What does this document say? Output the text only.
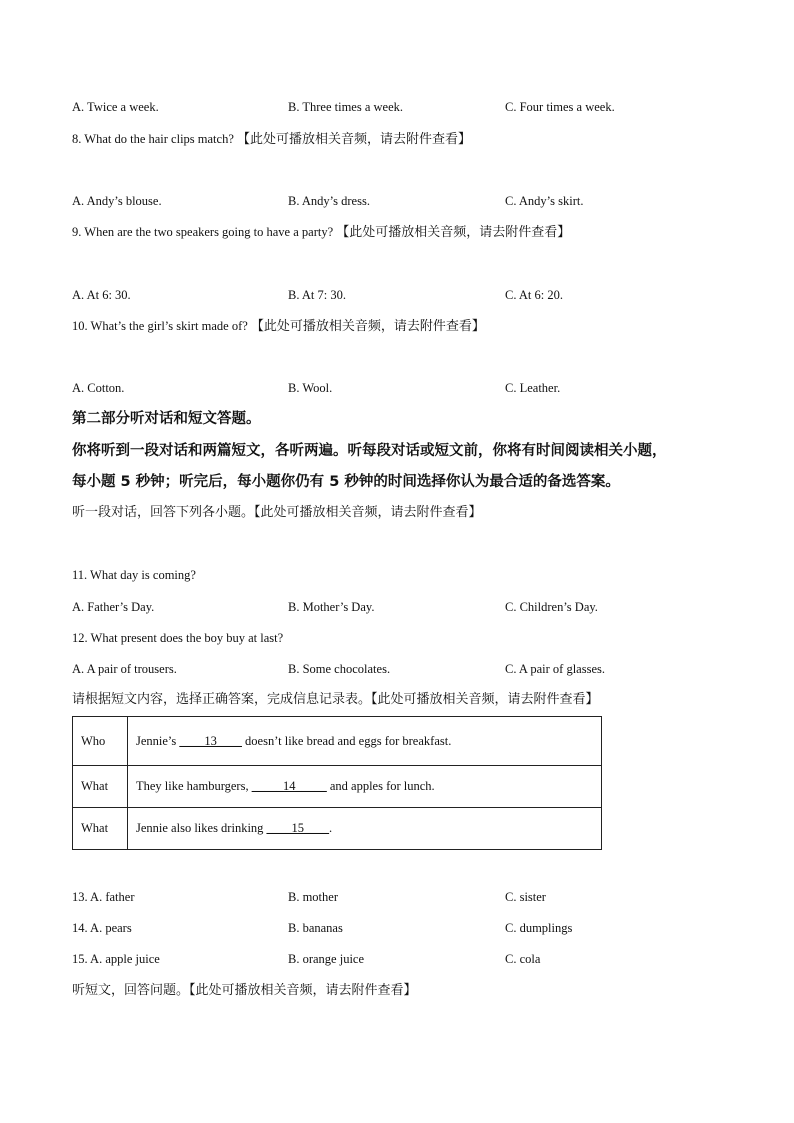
A. Twice a week.	B. Three times a week.	C. Four times a week.
8. What do the hair clips match? 【此处可播放相关音频，请去附件查看】
A. Andy’s blouse.	B. Andy’s dress.	C. Andy’s skirt.
9. When are the two speakers going to have a party? 【此处可播放相关音频，请去附件查看】
A. At 6: 30.	B. At 7: 30.	C. At 6: 20.
10. What’s the girl’s skirt made of? 【此处可播放相关音频，请去附件查看】
A. Cotton.	B. Wool.	C. Leather.
第二部分听对话和短文答题。
你将听到一段对话和两篇短文，各听两遍。听每段对话或短文前，你将有时间阅读相关小题，
每小题 5 秒钟；听完后，每小题你仍有 5 秒钟的时间选择你认为最合适的备选答案。
听一段对话，回答下列各小题。【此处可播放相关音频，请去附件查看】
11. What day is coming?
A. Father’s Day.	B. Mother’s Day.	C. Children’s Day.
12. What present does the boy buy at last?
A. A pair of trousers.	B. Some chocolates.	C. A pair of glasses.
请根据短文内容，选择正确答案，完成信息记录表。【此处可播放相关音频，请去附件查看】
Who	Jennie’s ____13____ doesn’t like bread and eggs for breakfast.
What	They like hamburgers, _____14_____ and apples for lunch.
What	Jennie also likes drinking ____15____.
13. A. father	B. mother	C. sister
14. A. pears	B. bananas	C. dumplings
15. A. apple juice	B. orange juice	C. cola
听短文，回答问题。【此处可播放相关音频，请去附件查看】
